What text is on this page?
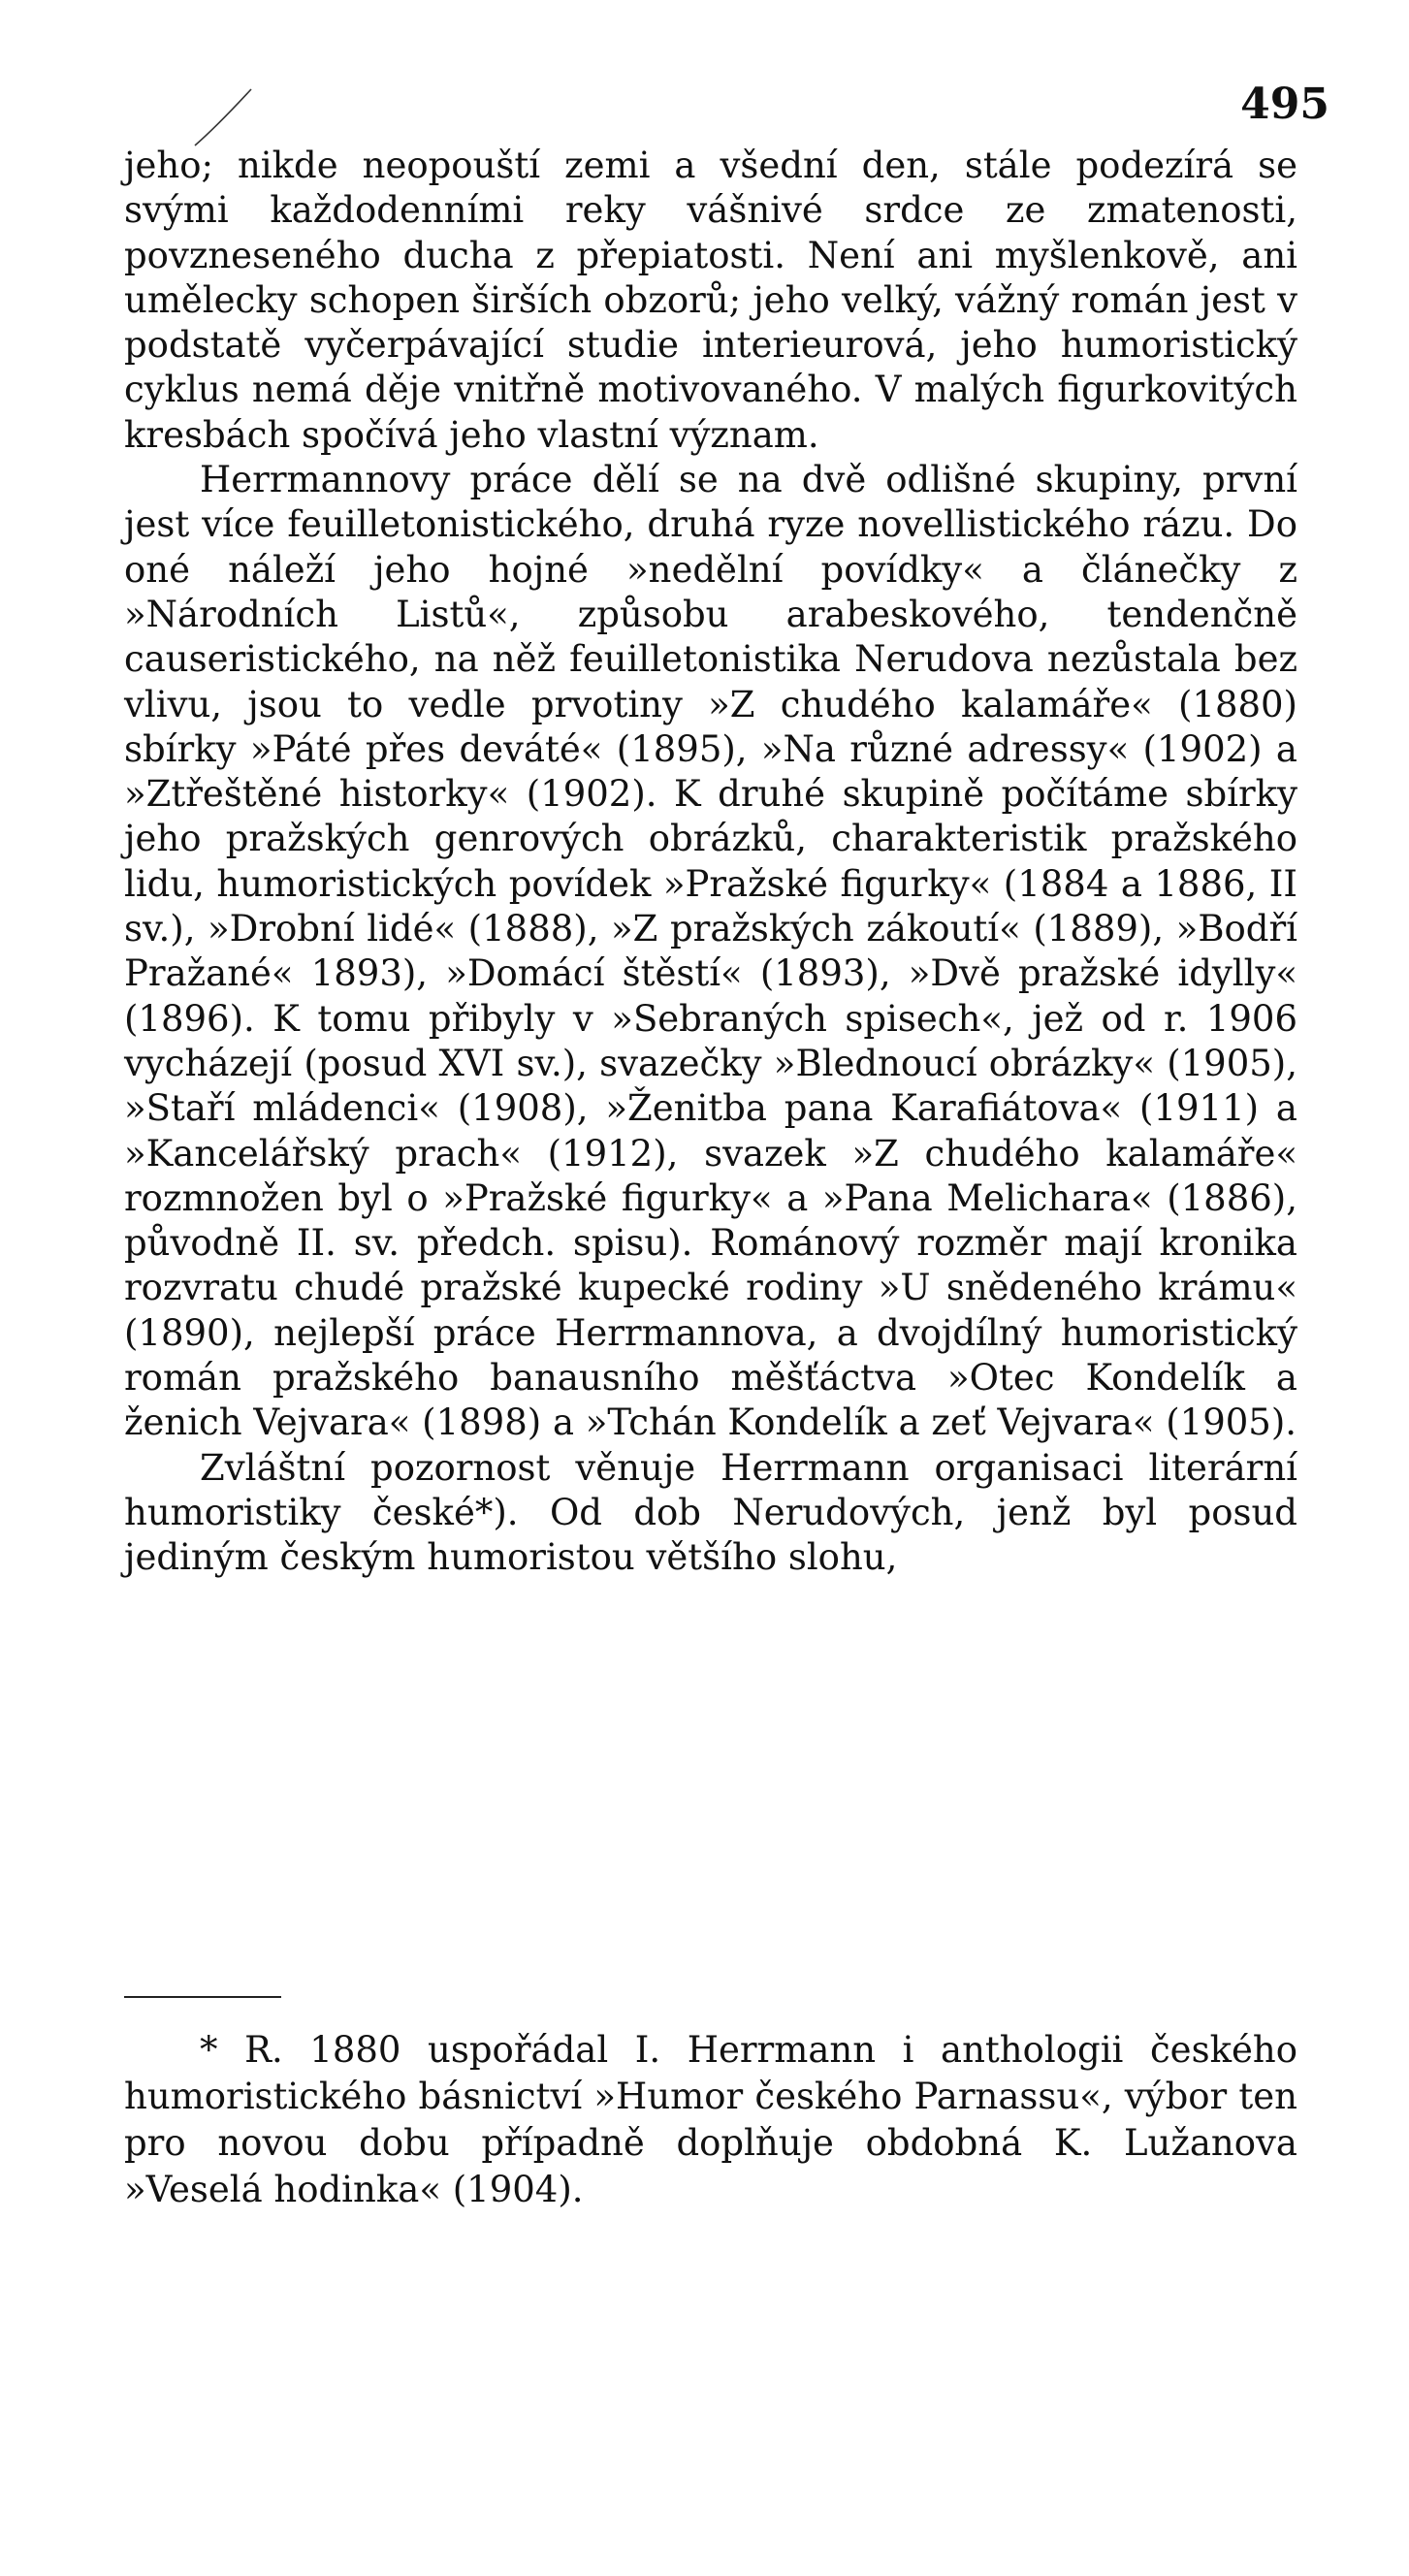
495

jeho; nikde neopouští zemi a všední den, stále podezírá se svými každodenními reky vášnivé srdce ze zmatenosti, povzneseného ducha z přepiatosti. Není ani myšlenkově, ani umělecky schopen širších obzorů; jeho velký, vážný román jest v podstatě vyčerpávající studie interieurová, jeho humoristický cyklus nemá děje vnitřně motivovaného. V malých figurkovitých kresbách spočívá jeho vlastní význam.

Herrmannovy práce dělí se na dvě odlišné skupiny, první jest více feuilletonistického, druhá ryze novellistického rázu. Do oné náleží jeho hojné »nedělní povídky« a článečky z »Národních Listů«, způsobu arabeskového, tendenčně causeristického, na něž feuilletonistika Nerudova nezůstala bez vlivu, jsou to vedle prvotiny »Z chudého kalamáře« (1880) sbírky »Páté přes deváté« (1895), »Na různé adressy« (1902) a »Ztřeštěné historky« (1902). K druhé skupině počítáme sbírky jeho pražských genrových obrázků, charakteristik pražského lidu, humoristických povídek »Pražské figurky« (1884 a 1886, II sv.), »Drobní lidé« (1888), »Z pražských zákoutí« (1889), »Bodří Pražané« 1893), »Domácí štěstí« (1893), »Dvě pražské idylly« (1896). K tomu přibyly v »Sebraných spisech«, jež od r. 1906 vycházejí (posud XVI sv.), svazečky »Blednoucí obrázky« (1905), »Staří mládenci« (1908), »Ženitba pana Karafiátova« (1911) a »Kancelářský prach« (1912), svazek »Z chudého kalamáře« rozmnožen byl o »Pražské figurky« a »Pana Melichara« (1886), původně II. sv. předch. spisu). Románový rozměr mají kronika rozvratu chudé pražské kupecké rodiny »U snědeného krámu« (1890), nejlepší práce Herrmannova, a dvojdílný humoristický román pražského banausního měšťáctva »Otec Kondelík a ženich Vejvara« (1898) a »Tchán Kondelík a zeť Vejvara« (1905).

Zvláštní pozornost věnuje Herrmann organisaci literární humoristiky české*). Od dob Nerudových, jenž byl posud jediným českým humoristou většího slohu,

* R. 1880 uspořádal I. Herrmann i anthologii českého humoristického básnictví »Humor českého Parnassu«, výbor ten pro novou dobu případně doplňuje obdobná K. Lužanova »Veselá hodinka« (1904).
